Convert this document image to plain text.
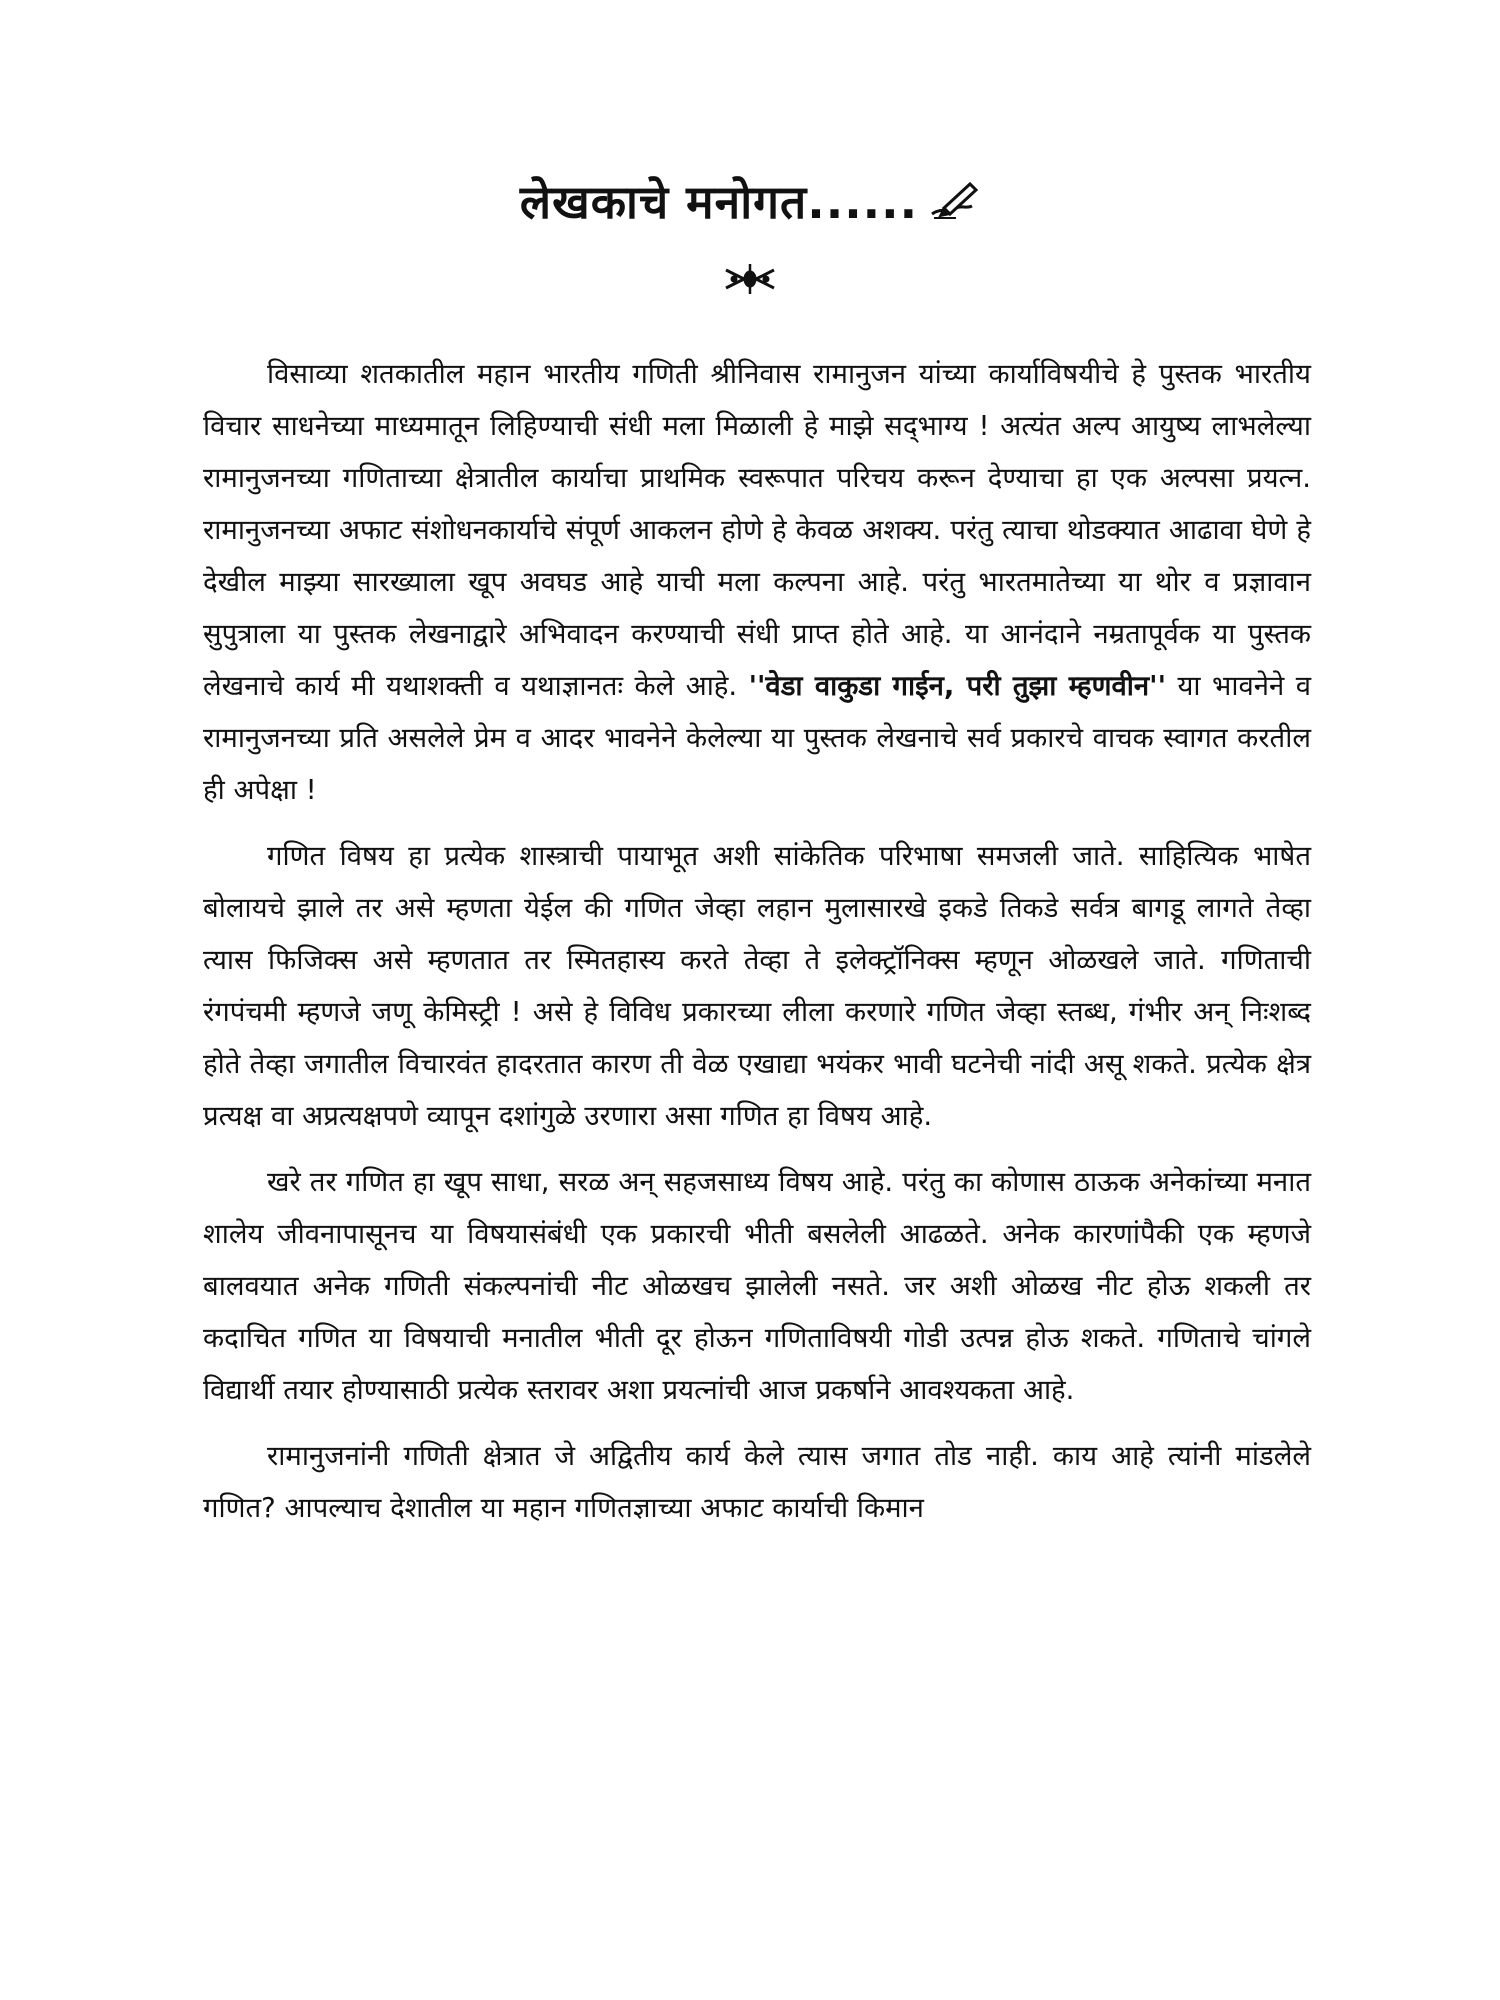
लेखकाचे मनोगत......

विसाव्या शतकातील महान भारतीय गणिती श्रीनिवास रामानुजन यांच्या कार्याविषयीचे हे पुस्तक भारतीय विचार साधनेच्या माध्यमातून लिहिण्याची संधी मला मिळाली हे माझे सद्‌भाग्य ! अत्यंत अल्प आयुष्य लाभलेल्या रामानुजनच्या गणिताच्या क्षेत्रातील कार्याचा प्राथमिक स्वरूपात परिचय करून देण्याचा हा एक अल्पसा प्रयत्न. रामानुजनच्या अफाट संशोधनकार्याचे संपूर्ण आकलन होणे हे केवळ अशक्य. परंतु त्याचा थोडक्यात आढावा घेणे हे देखील माझ्या सारख्याला खूप अवघड आहे याची मला कल्पना आहे. परंतु भारतमातेच्या या थोर व प्रज्ञावान सुपुत्राला या पुस्तक लेखनाद्वारे अभिवादन करण्याची संधी प्राप्त होते आहे. या आनंदाने नम्रतापूर्वक या पुस्तक लेखनाचे कार्य मी यथाशक्ती व यथाज्ञानतः केले आहे. ''वेडा वाकुडा गाईन, परी तुझा म्हणवीन'' या भावनेने व रामानुजनच्या प्रति असलेले प्रेम व आदर भावनेने केलेल्या या पुस्तक लेखनाचे सर्व प्रकारचे वाचक स्वागत करतील ही अपेक्षा !

गणित विषय हा प्रत्येक शास्त्राची पायाभूत अशी सांकेतिक परिभाषा समजली जाते. साहित्यिक भाषेत बोलायचे झाले तर असे म्हणता येईल की गणित जेव्हा लहान मुलासारखे इकडे तिकडे सर्वत्र बागडू लागते तेव्हा त्यास फिजिक्स असे म्हणतात तर स्मितहास्य करते तेव्हा ते इलेक्ट्रॉनिक्स म्हणून ओळखले जाते. गणिताची रंगपंचमी म्हणजे जणू केमिस्ट्री ! असे हे विविध प्रकारच्या लीला करणारे गणित जेव्हा स्तब्ध, गंभीर अन् निःशब्द होते तेव्हा जगातील विचारवंत हादरतात कारण ती वेळ एखाद्या भयंकर भावी घटनेची नांदी असू शकते. प्रत्येक क्षेत्र प्रत्यक्ष वा अप्रत्यक्षपणे व्यापून दशांगुळे उरणारा असा गणित हा विषय आहे.

खरे तर गणित हा खूप साधा, सरळ अन् सहजसाध्य विषय आहे. परंतु का कोणास ठाऊक अनेकांच्या मनात शालेय जीवनापासूनच या विषयासंबंधी एक प्रकारची भीती बसलेली आढळते. अनेक कारणांपैकी एक म्हणजे बालवयात अनेक गणिती संकल्पनांची नीट ओळखच झालेली नसते. जर अशी ओळख नीट होऊ शकली तर कदाचित गणित या विषयाची मनातील भीती दूर होऊन गणिताविषयी गोडी उत्पन्न होऊ शकते. गणिताचे चांगले विद्यार्थी तयार होण्यासाठी प्रत्येक स्तरावर अशा प्रयत्नांची आज प्रकर्षाने आवश्यकता आहे.

रामानुजनांनी गणिती क्षेत्रात जे अद्वितीय कार्य केले त्यास जगात तोड नाही. काय आहे त्यांनी मांडलेले गणित? आपल्याच देशातील या महान गणितज्ञाच्या अफाट कार्याची किमान
